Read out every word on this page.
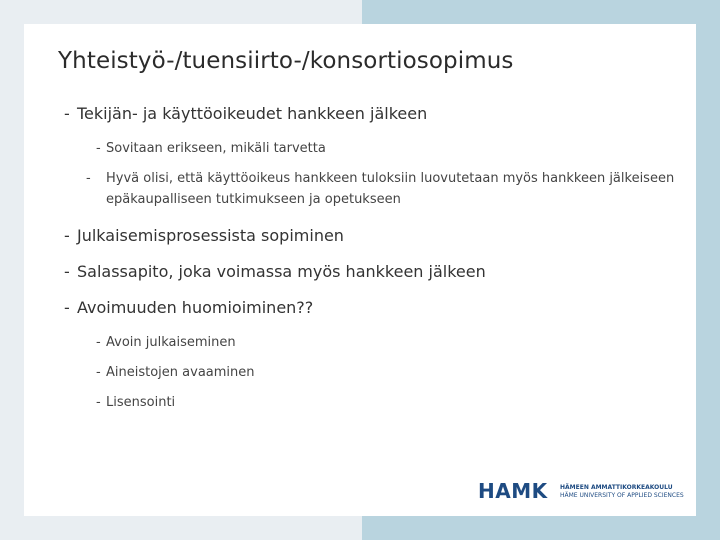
Yhteistyö-/tuensiirto-/konsortiosopimus
- Tekijän- ja käyttöoikeudet hankkeen jälkeen
- Sovitaan erikseen, mikäli tarvetta
- Hyvä olisi, että käyttöoikeus hankkeen tuloksiin luovutetaan myös hankkeen jälkeiseen epäkaupalliseen tutkimukseen ja opetukseen
- Julkaisemisprosessista sopiminen
- Salassapito, joka voimassa myös hankkeen jälkeen
- Avoimuuden huomioiminen??
- Avoin julkaiseminen
- Aineistojen avaaminen
- Lisensointi
HAMK HÄMEEN AMMATTIKORKEAKOULU
HÄME UNIVERSITY OF APPLIED SCIENCES
